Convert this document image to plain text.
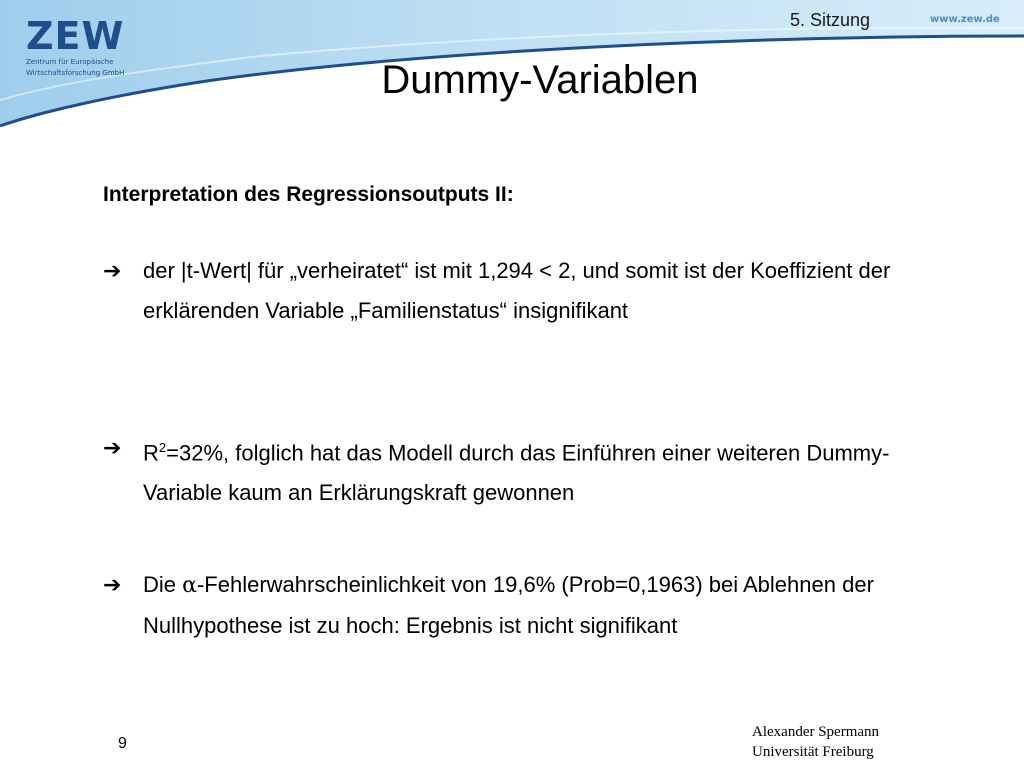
ZEW
Zentrum für Europäische
Wirtschaftsforschung GmbH
5. Sitzung	www.zew.de
Dummy-Variablen
Interpretation des Regressionsoutputs II:
➔ der |t-Wert| für „verheiratet“ ist mit 1,294 < 2, und somit ist der Koeffizient der erklärenden Variable „Familienstatus“ insignifikant
➔ $R^2=32\%$, folglich hat das Modell durch das Einführen einer weiteren Dummy-Variable kaum an Erklärungskraft gewonnen
➔ Die α-Fehlerwahrscheinlichkeit von 19,6% (Prob=0,1963) bei Ablehnen der Nullhypothese ist zu hoch: Ergebnis ist nicht signifikant
9
Alexander Spermann
Universität Freiburg
